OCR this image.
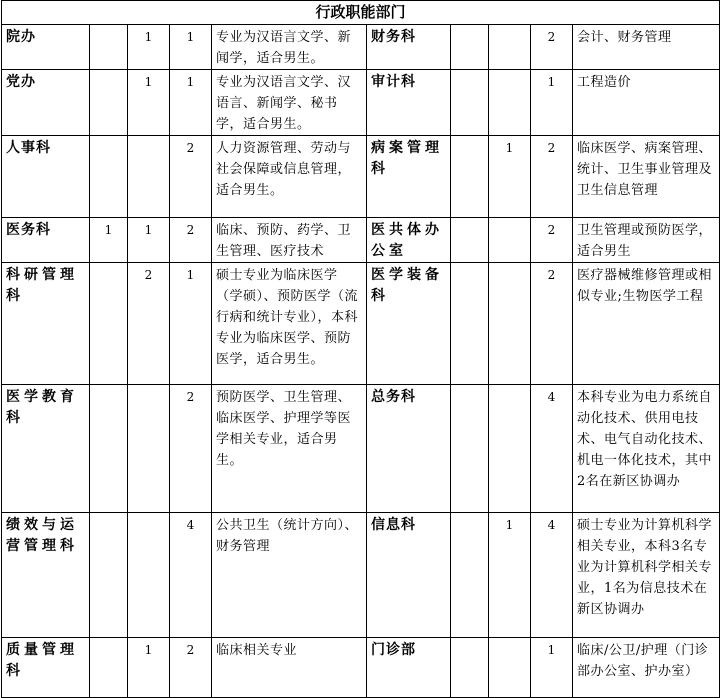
行政职能部门									
院办		1	1	专业为汉语言文学、新闻学，适合男生。	财务科			2	会计、财务管理
党办		1	1	专业为汉语言文学、汉语言、新闻学、秘书学，适合男生。	审计科			1	工程造价
人事科			2	人力资源管理、劳动与社会保障或信息管理，适合男生。	病案管理科		1	2	临床医学、病案管理、统计、卫生事业管理及卫生信息管理
医务科	1	1	2	临床、预防、药学、卫生管理、医疗技术	医共体办公室			2	卫生管理或预防医学，适合男生
科研管理科		2	1	硕士专业为临床医学（学硕）、预防医学（流行病和统计专业），本科专业为临床医学、预防医学，适合男生。	医学装备科			2	医疗器械维修管理或相似专业;生物医学工程
医学教育科			2	预防医学、卫生管理、临床医学、护理学等医学相关专业，适合男生。	总务科			4	本科专业为电力系统自动化技术、供用电技术、电气自动化技术、机电一体化技术，其中2名在新区协调办
绩效与运营管理科			4	公共卫生（统计方向）、财务管理	信息科		1	4	硕士专业为计算机科学相关专业，本科3名专业为计算机科学相关专业，1名为信息技术在新区协调办
质量管理科		1	2	临床相关专业	门诊部			1	临床/公卫/护理（门诊部办公室、护办室）
